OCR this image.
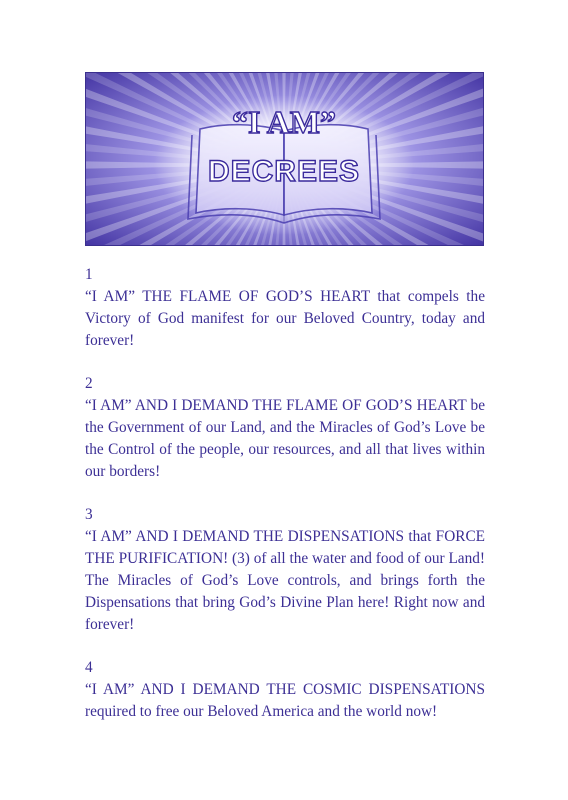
“I AM”
DECREES
1
“I AM” THE FLAME OF GOD’S HEART that compels the Victory of God manifest for our Beloved Country, today and forever!
2
“I AM” AND I DEMAND THE FLAME OF GOD’S HEART be the Government of our Land, and the Miracles of God’s Love be the Control of the people, our resources, and all that lives within our borders!
3
“I AM” AND I DEMAND THE DISPENSATIONS that FORCE THE PURIFICATION! (3) of all the water and food of our Land! The Miracles of God’s Love controls, and brings forth the Dispensations that bring God’s Divine Plan here! Right now and forever!
4
“I AM” AND I DEMAND THE COSMIC DISPENSATIONS required to free our Beloved America and the world now!
